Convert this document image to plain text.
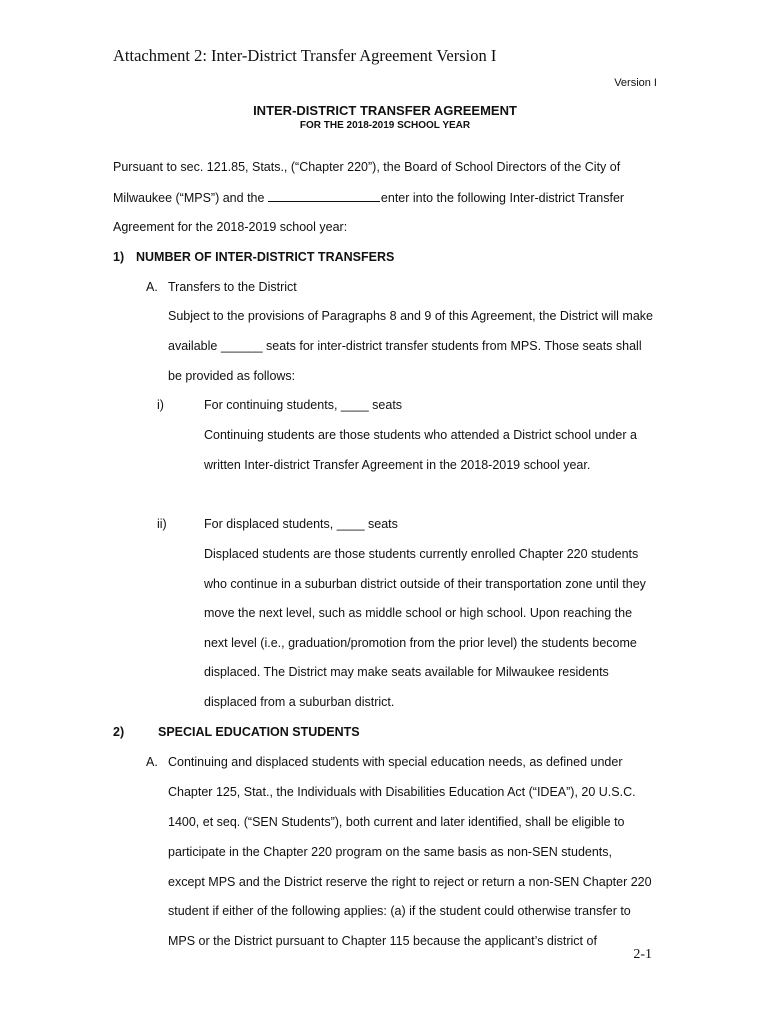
Attachment 2: Inter-District Transfer Agreement Version I
Version I
INTER-DISTRICT TRANSFER AGREEMENT
FOR THE 2018-2019 SCHOOL YEAR
Pursuant to sec. 121.85, Stats., (“Chapter 220”), the Board of School Directors of the City of
Milwaukee (“MPS”) and the	enter into the following Inter-district Transfer
Agreement for the 2018-2019 school year:
1) NUMBER OF INTER-DISTRICT TRANSFERS
A. Transfers to the District
Subject to the provisions of Paragraphs 8 and 9 of this Agreement, the District will make
available ______ seats for inter-district transfer students from MPS. Those seats shall
be provided as follows:
i)	For continuing students, ____ seats
Continuing students are those students who attended a District school under a
written Inter-district Transfer Agreement in the 2018-2019 school year.
ii)	For displaced students, ____ seats
Displaced students are those students currently enrolled Chapter 220 students
who continue in a suburban district outside of their transportation zone until they
move the next level, such as middle school or high school. Upon reaching the
next level (i.e., graduation/promotion from the prior level) the students become
displaced. The District may make seats available for Milwaukee residents
displaced from a suburban district.
2)	SPECIAL EDUCATION STUDENTS
A. Continuing and displaced students with special education needs, as defined under
Chapter 125, Stat., the Individuals with Disabilities Education Act (“IDEA”), 20 U.S.C.
1400, et seq. (“SEN Students”), both current and later identified, shall be eligible to
participate in the Chapter 220 program on the same basis as non-SEN students,
except MPS and the District reserve the right to reject or return a non-SEN Chapter 220
student if either of the following applies: (a) if the student could otherwise transfer to
MPS or the District pursuant to Chapter 115 because the applicant’s district of
2-1
